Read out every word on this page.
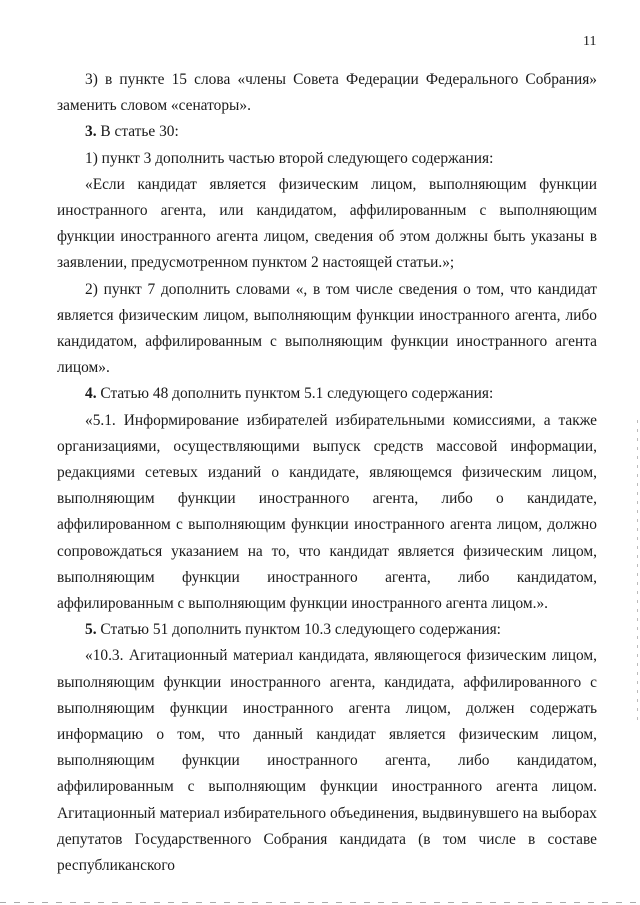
11

3) в пункте 15 слова «члены Совета Федерации Федерального Собрания» заменить словом «сенаторы».

3. В статье 30:

1) пункт 3 дополнить частью второй следующего содержания:

«Если кандидат является физическим лицом, выполняющим функции иностранного агента, или кандидатом, аффилированным с выполняющим функции иностранного агента лицом, сведения об этом должны быть указаны в заявлении, предусмотренном пунктом 2 настоящей статьи.»;

2) пункт 7 дополнить словами «, в том числе сведения о том, что кандидат является физическим лицом, выполняющим функции иностранного агента, либо кандидатом, аффилированным с выполняющим функции иностранного агента лицом».

4. Статью 48 дополнить пунктом 5.1 следующего содержания:

«5.1. Информирование избирателей избирательными комиссиями, а также организациями, осуществляющими выпуск средств массовой информации, редакциями сетевых изданий о кандидате, являющемся физическим лицом, выполняющим функции иностранного агента, либо о кандидате, аффилированном с выполняющим функции иностранного агента лицом, должно сопровождаться указанием на то, что кандидат является физическим лицом, выполняющим функции иностранного агента, либо кандидатом, аффилированным с выполняющим функции иностранного агента лицом.».

5. Статью 51 дополнить пунктом 10.3 следующего содержания:

«10.3. Агитационный материал кандидата, являющегося физическим лицом, выполняющим функции иностранного агента, кандидата, аффилированного с выполняющим функции иностранного агента лицом, должен содержать информацию о том, что данный кандидат является физическим лицом, выполняющим функции иностранного агента, либо кандидатом, аффилированным с выполняющим функции иностранного агента лицом. Агитационный материал избирательного объединения, выдвинувшего на выборах депутатов Государственного Собрания кандидата (в том числе в составе республиканского
